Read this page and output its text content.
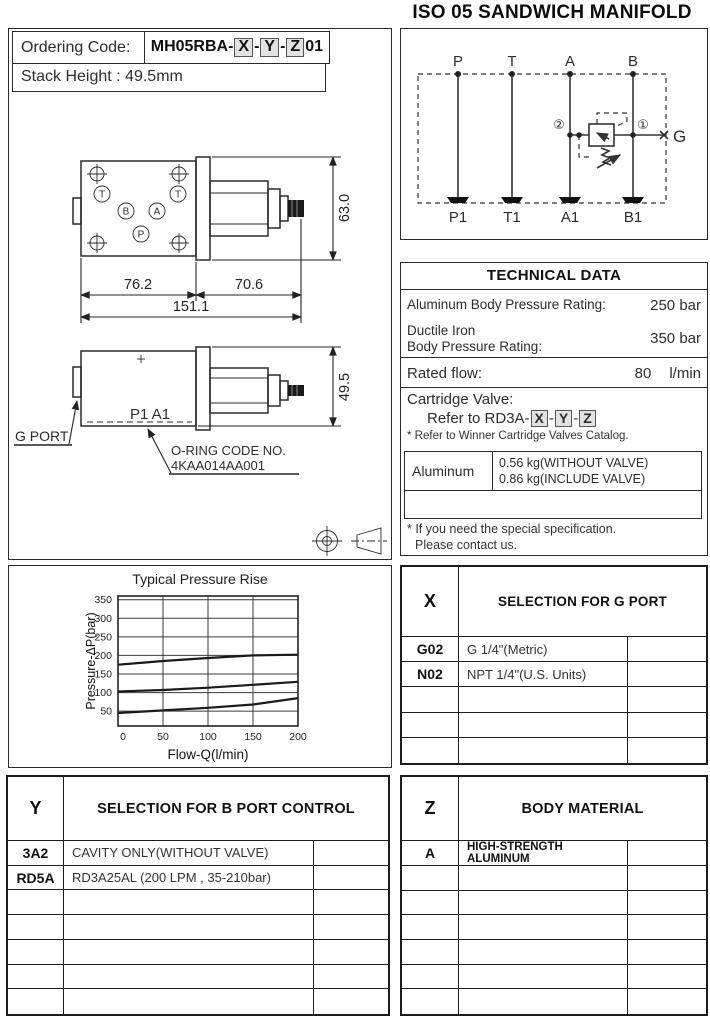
ISO 05 SANDWICH MANIFOLD
Ordering Code:	MH05RBA- X - Y - Z 01
Stack Height : 49.5mm
T	T
B A
P
63.0
76.2	70.6
151.1
P1 A1
49.5
G PORT
O-RING CODE NO.
4KAA014AA001
P	T	A	B
P1 T1	A1	B1
G
②	①
TECHNICAL DATA
Aluminum Body Pressure Rating:	250 bar
Ductile Iron
Body Pressure Rating:	350 bar
Rated flow:	80 l/min
Cartridge Valve:
Refer to RD3A- X - Y - Z
* Refer to Winner Cartridge Valves Catalog.
Aluminum	0.56 kg(WITHOUT VALVE)
0.86 kg(INCLUDE VALVE)
* If you need the special specification.
Please contact us.
Typical Pressure Rise
50
100
150
200
250
300
350
0	50	100	150	200
Flow-Q(l/min)
Pressure-ΔP(bar)
X	SELECTION FOR G PORT
G02	G 1/4"(Metric)
N02	NPT 1/4"(U.S. Units)
Y	SELECTION FOR B PORT CONTROL
3A2	CAVITY ONLY(WITHOUT VALVE)
RD5A	RD3A25AL (200 LPM , 35-210bar)
Z	BODY MATERIAL
A	HIGH-STRENGTH ALUMINUM
